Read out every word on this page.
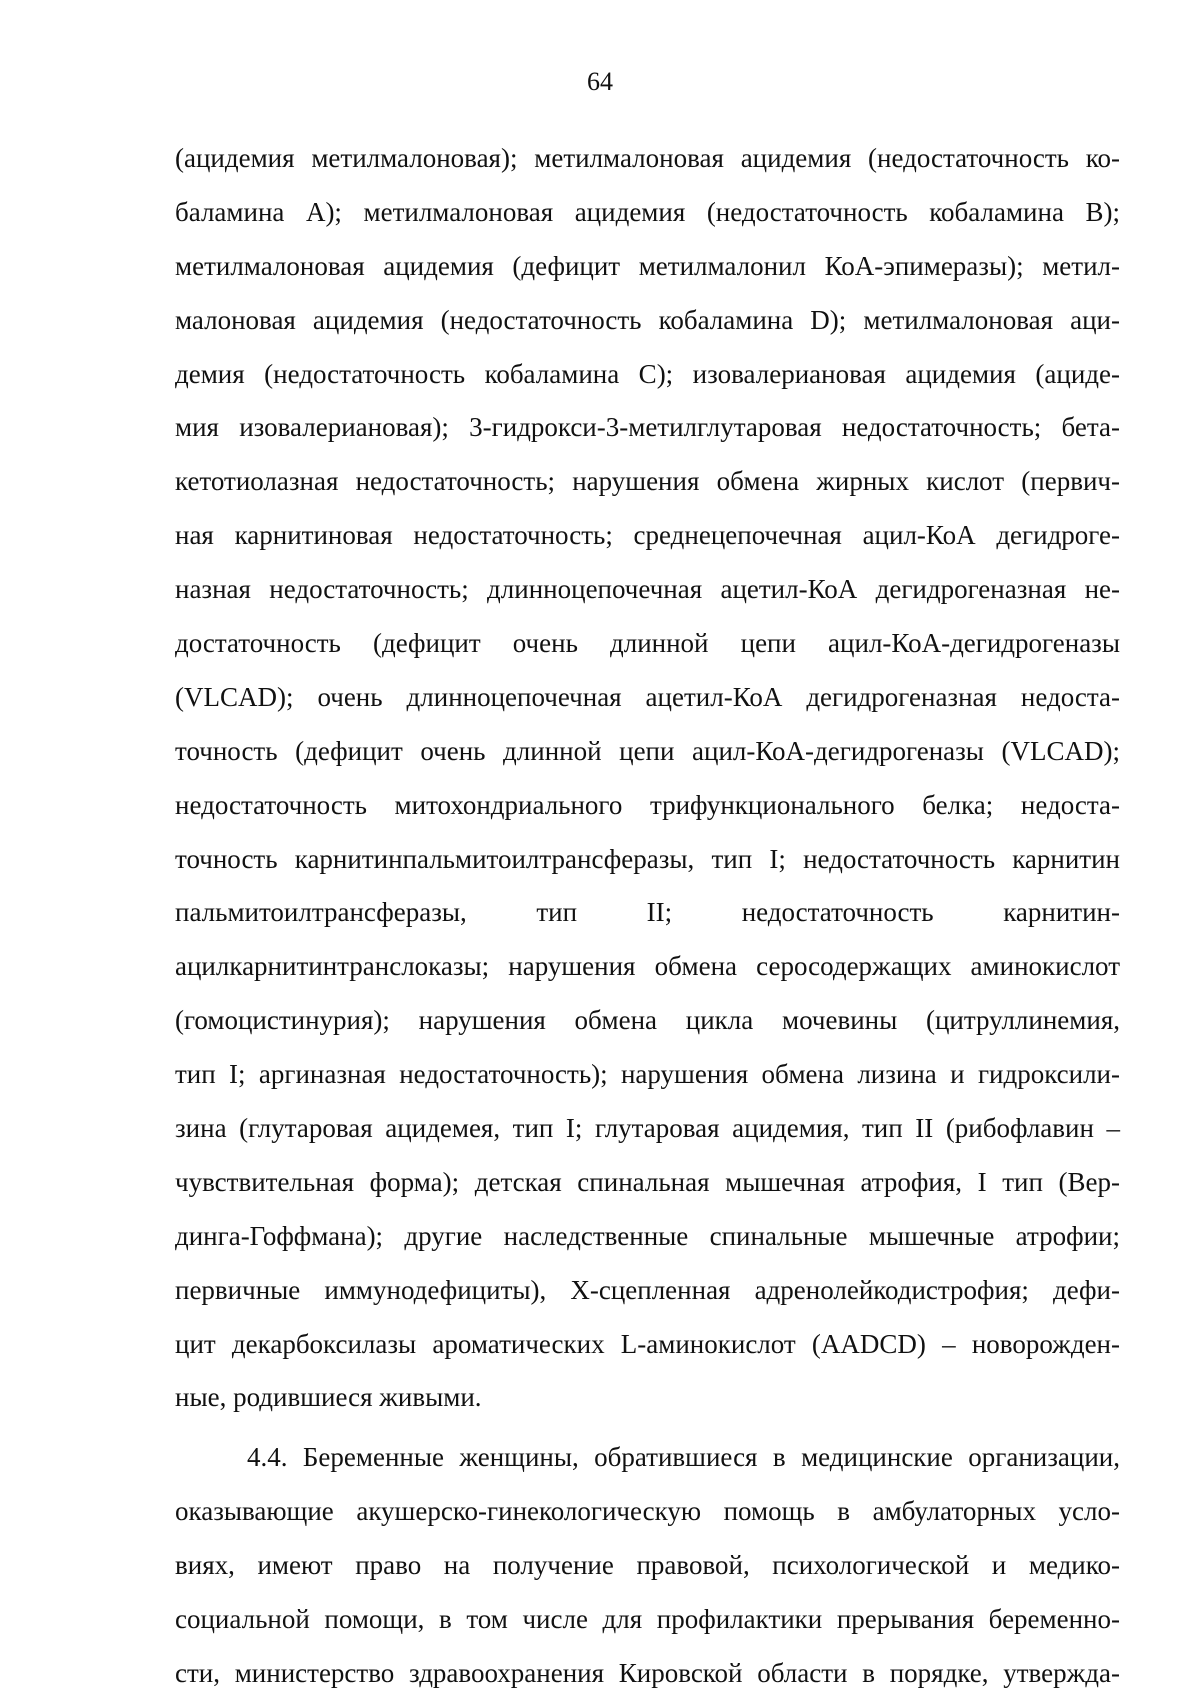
64
(ацидемия метилмалоновая); метилмалоновая ацидемия (недостаточность ко-
баламина А); метилмалоновая ацидемия (недостаточность кобаламина В);
метилмалоновая ацидемия (дефицит метилмалонил КоА-эпимеразы); метил-
малоновая ацидемия (недостаточность кобаламина D); метилмалоновая аци-
демия (недостаточность кобаламина С); изовалериановая ацидемия (ациде-
мия изовалериановая); 3-гидрокси-3-метилглутаровая недостаточность; бета-
кетотиолазная недостаточность; нарушения обмена жирных кислот (первич-
ная карнитиновая недостаточность; среднецепочечная ацил-КоА дегидроге-
назная недостаточность; длинноцепочечная ацетил-КоА дегидрогеназная не-
достаточность (дефицит очень длинной цепи ацил-КоА-дегидрогеназы
(VLCAD); очень длинноцепочечная ацетил-КоА дегидрогеназная недоста-
точность (дефицит очень длинной цепи ацил-КоА-дегидрогеназы (VLCAD);
недостаточность митохондриального трифункционального белка; недоста-
точность карнитинпальмитоилтрансферазы, тип I; недостаточность карнитин
пальмитоилтрансферазы, тип II; недостаточность карнитин-
ацилкарнитинтранслоказы; нарушения обмена серосодержащих аминокислот
(гомоцистинурия); нарушения обмена цикла мочевины (цитруллинемия,
тип I; аргиназная недостаточность); нарушения обмена лизина и гидроксили-
зина (глутаровая ацидемея, тип I; глутаровая ацидемия, тип II (рибофлавин –
чувствительная форма); детская спинальная мышечная атрофия, I тип (Вер-
динга-Гоффмана); другие наследственные спинальные мышечные атрофии;
первичные иммунодефициты), Х-сцепленная адренолейкодистрофия; дефи-
цит декарбоксилазы ароматических L-аминокислот (AADCD) – новорожден-
ные, родившиеся живыми.
4.4. Беременные женщины, обратившиеся в медицинские организации,
оказывающие акушерско-гинекологическую помощь в амбулаторных усло-
виях, имеют право на получение правовой, психологической и медико-
социальной помощи, в том числе для профилактики прерывания беременно-
сти, министерство здравоохранения Кировской области в порядке, утвержда-
